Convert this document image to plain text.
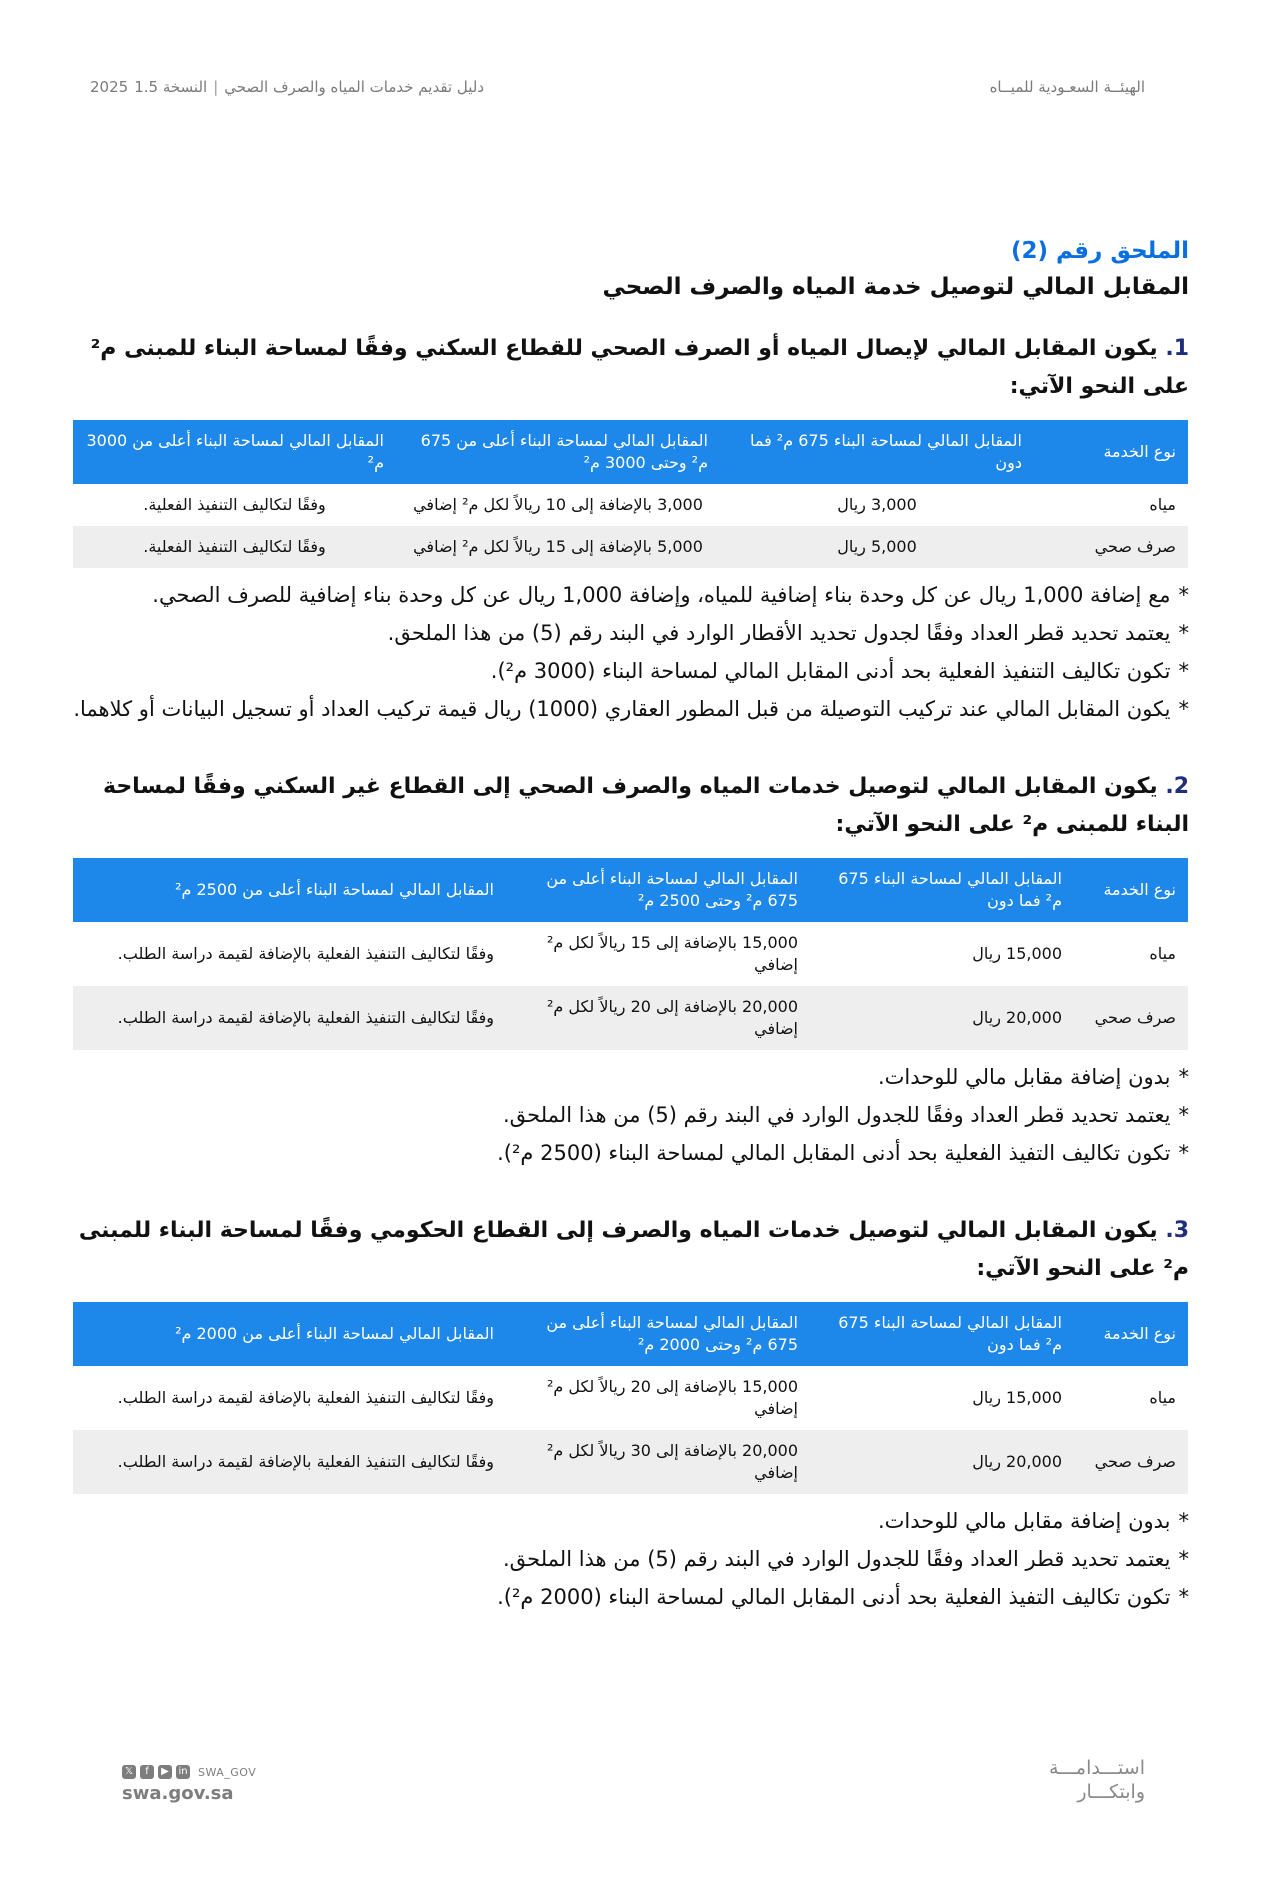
دليل تقديم خدمات المياه والصرف الصحي
|
النسخة 1.5
2025	الهيئــة السعـودية للميــاه
الملحق رقم (2)
المقابل المالي لتوصيل خدمة المياه والصرف الصحي
1. يكون المقابل المالي لإيصال المياه أو الصرف الصحي للقطاع السكني وفقًا لمساحة البناء للمبنى م² على النحو الآتي:
نوع الخدمة	المقابل المالي لمساحة البناء 675 م² فما دون	المقابل المالي لمساحة البناء أعلى من 675 م² وحتى 3000 م²	المقابل المالي لمساحة البناء أعلى من 3000 م²
مياه	3,000 ريال	3,000 بالإضافة إلى 10 ريالاً لكل م² إضافي	وفقًا لتكاليف التنفيذ الفعلية.
صرف صحي	5,000 ريال	5,000 بالإضافة إلى 15 ريالاً لكل م² إضافي	وفقًا لتكاليف التنفيذ الفعلية.
*مع إضافة 1,000 ريال عن كل وحدة بناء إضافية للمياه، وإضافة 1,000 ريال عن كل وحدة بناء إضافية للصرف الصحي.
*يعتمد تحديد قطر العداد وفقًا لجدول تحديد الأقطار الوارد في البند رقم (5) من هذا الملحق.
*تكون تكاليف التنفيذ الفعلية بحد أدنى المقابل المالي لمساحة البناء (3000 م²).
*يكون المقابل المالي عند تركيب التوصيلة من قبل المطور العقاري (1000) ريال قيمة تركيب العداد أو تسجيل البيانات أو كلاهما.
2. يكون المقابل المالي لتوصيل خدمات المياه والصرف الصحي إلى القطاع غير السكني وفقًا لمساحة البناء للمبنى م² على النحو الآتي:
نوع الخدمة	المقابل المالي لمساحة البناء 675 م² فما دون	المقابل المالي لمساحة البناء أعلى من 675 م² وحتى 2500 م²	المقابل المالي لمساحة البناء أعلى من 2500 م²
مياه	15,000 ريال	15,000 بالإضافة إلى 15 ريالاً لكل م² إضافي	وفقًا لتكاليف التنفيذ الفعلية بالإضافة لقيمة دراسة الطلب.
صرف صحي	20,000 ريال	20,000 بالإضافة إلى 20 ريالاً لكل م² إضافي	وفقًا لتكاليف التنفيذ الفعلية بالإضافة لقيمة دراسة الطلب.
*بدون إضافة مقابل مالي للوحدات.
*يعتمد تحديد قطر العداد وفقًا للجدول الوارد في البند رقم (5) من هذا الملحق.
*تكون تكاليف التفيذ الفعلية بحد أدنى المقابل المالي لمساحة البناء (2500 م²).
3. يكون المقابل المالي لتوصيل خدمات المياه والصرف إلى القطاع الحكومي وفقًا لمساحة البناء للمبنى م² على النحو الآتي:
نوع الخدمة	المقابل المالي لمساحة البناء 675 م² فما دون	المقابل المالي لمساحة البناء أعلى من 675 م² وحتى 2000 م²	المقابل المالي لمساحة البناء أعلى من 2000 م²
مياه	15,000 ريال	15,000 بالإضافة إلى 20 ريالاً لكل م² إضافي	وفقًا لتكاليف التنفيذ الفعلية بالإضافة لقيمة دراسة الطلب.
صرف صحي	20,000 ريال	20,000 بالإضافة إلى 30 ريالاً لكل م² إضافي	وفقًا لتكاليف التنفيذ الفعلية بالإضافة لقيمة دراسة الطلب.
*بدون إضافة مقابل مالي للوحدات.
*يعتمد تحديد قطر العداد وفقًا للجدول الوارد في البند رقم (5) من هذا الملحق.
*تكون تكاليف التفيذ الفعلية بحد أدنى المقابل المالي لمساحة البناء (2000 م²).
𝕏	f	▶ in SWA_GOV
swa.gov.sa
استـــدامـــة
وابتكـــار
